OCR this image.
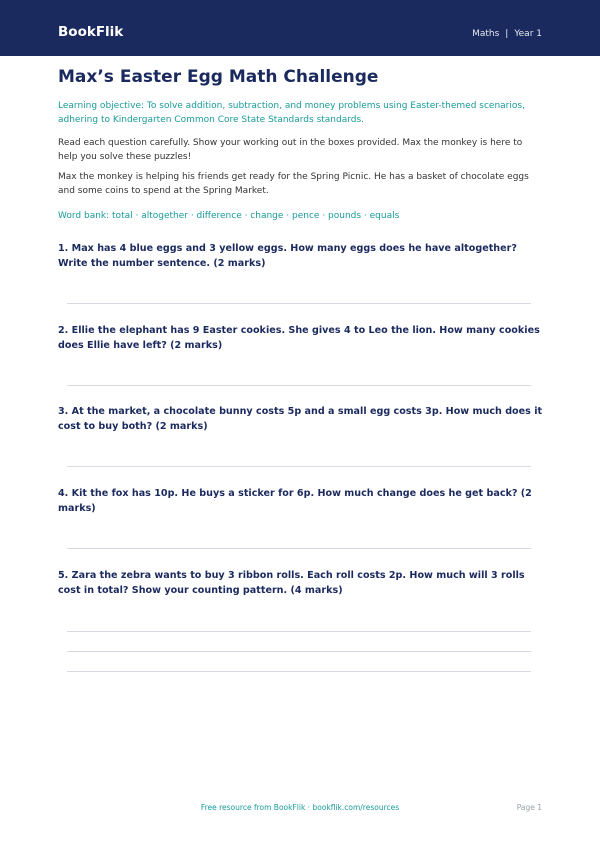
BookFlik	Maths | Year 1
Max’s Easter Egg Math Challenge
Learning objective: To solve addition, subtraction, and money problems using Easter-themed scenarios, adhering to Kindergarten Common Core State Standards standards.
Read each question carefully. Show your working out in the boxes provided. Max the monkey is here to help you solve these puzzles!
Max the monkey is helping his friends get ready for the Spring Picnic. He has a basket of chocolate eggs and some coins to spend at the Spring Market.
Word bank: total · altogether · difference · change · pence · pounds · equals
1. Max has 4 blue eggs and 3 yellow eggs. How many eggs does he have altogether? Write the number sentence. (2 marks)
2. Ellie the elephant has 9 Easter cookies. She gives 4 to Leo the lion. How many cookies does Ellie have left? (2 marks)
3. At the market, a chocolate bunny costs 5p and a small egg costs 3p. How much does it cost to buy both? (2 marks)
4. Kit the fox has 10p. He buys a sticker for 6p. How much change does he get back? (2 marks)
5. Zara the zebra wants to buy 3 ribbon rolls. Each roll costs 2p. How much will 3 rolls cost in total? Show your counting pattern. (4 marks)
Free resource from BookFlik · bookflik.com/resources	Page 1
